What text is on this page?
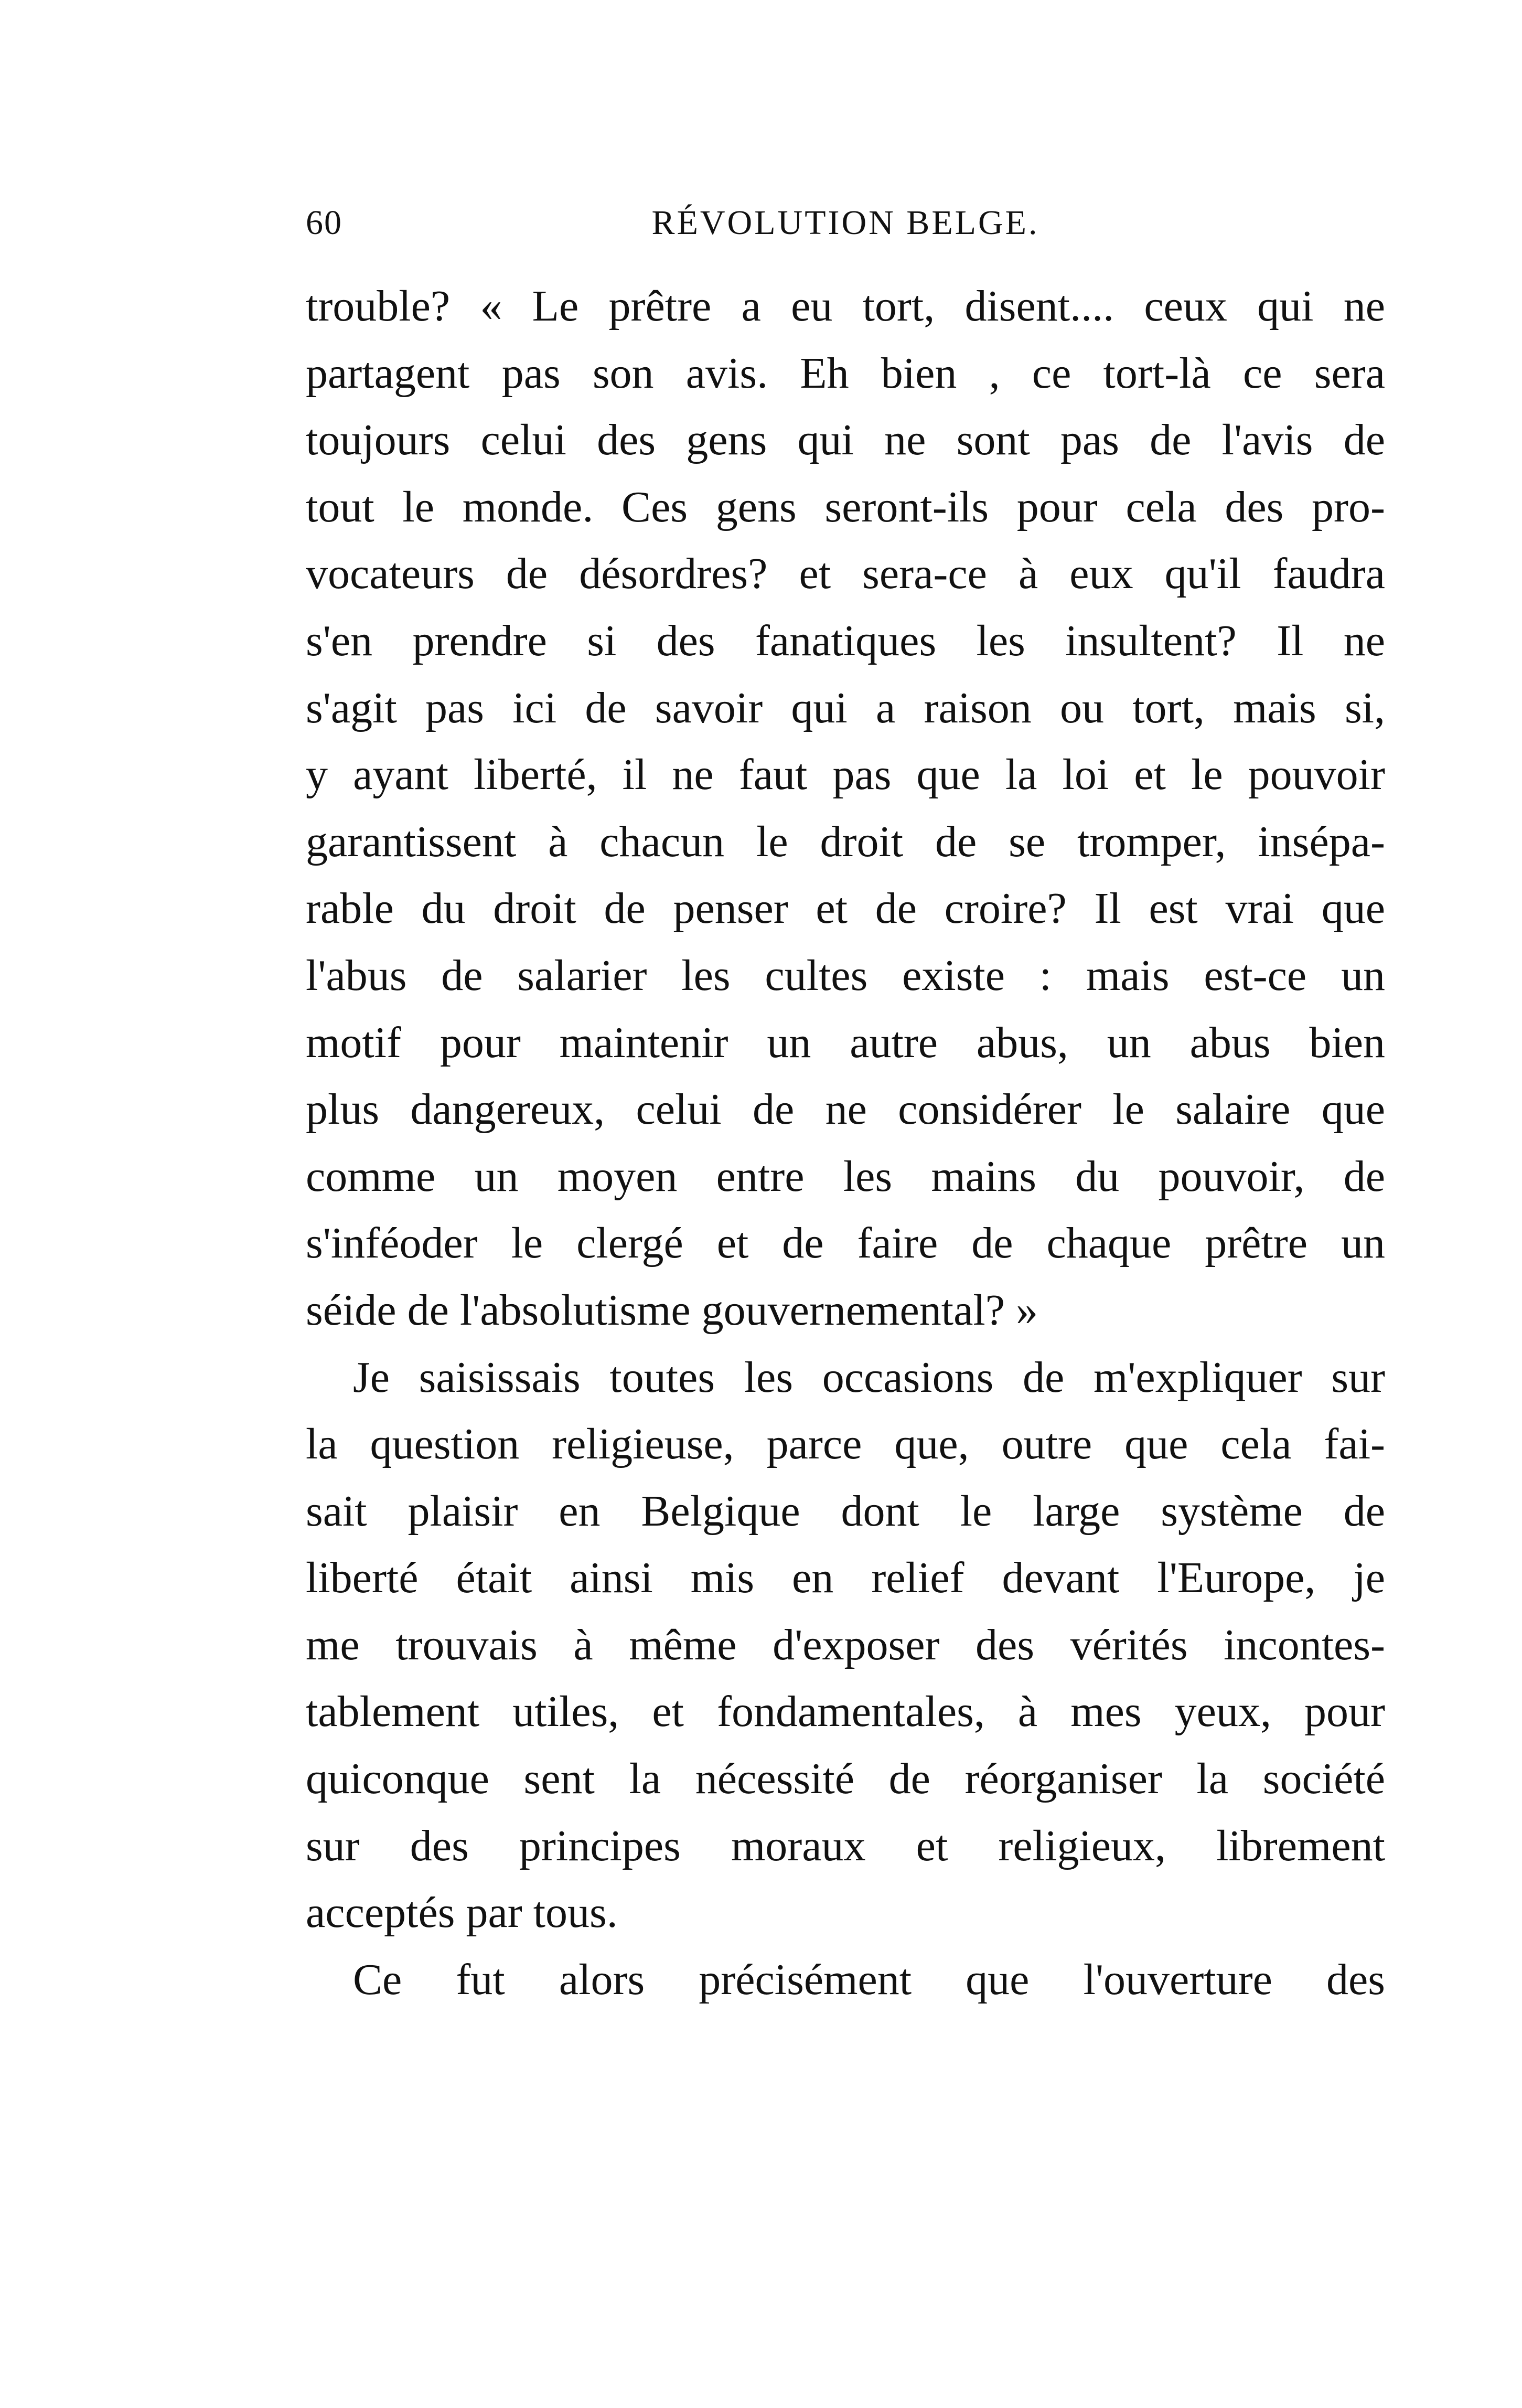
60	RÉVOLUTION BELGE.
trouble? « Le prêtre a eu tort, disent.... ceux qui ne
partagent pas son avis. Eh bien , ce tort-là ce sera
toujours celui des gens qui ne sont pas de l'avis de
tout le monde. Ces gens seront-ils pour cela des pro-
vocateurs de désordres? et sera-ce à eux qu'il faudra
s'en prendre si des fanatiques les insultent? Il ne
s'agit pas ici de savoir qui a raison ou tort, mais si,
y ayant liberté, il ne faut pas que la loi et le pouvoir
garantissent à chacun le droit de se tromper, insépa-
rable du droit de penser et de croire? Il est vrai que
l'abus de salarier les cultes existe : mais est-ce un
motif pour maintenir un autre abus, un abus bien
plus dangereux, celui de ne considérer le salaire que
comme un moyen entre les mains du pouvoir, de
s'inféoder le clergé et de faire de chaque prêtre un
séide de l'absolutisme gouvernemental? »
Je saisissais toutes les occasions de m'expliquer sur
la question religieuse, parce que, outre que cela fai-
sait plaisir en Belgique dont le large système de
liberté était ainsi mis en relief devant l'Europe, je
me trouvais à même d'exposer des vérités incontes-
tablement utiles, et fondamentales, à mes yeux, pour
quiconque sent la nécessité de réorganiser la société
sur des principes moraux et religieux, librement
acceptés par tous.
Ce fut alors précisément que l'ouverture des
